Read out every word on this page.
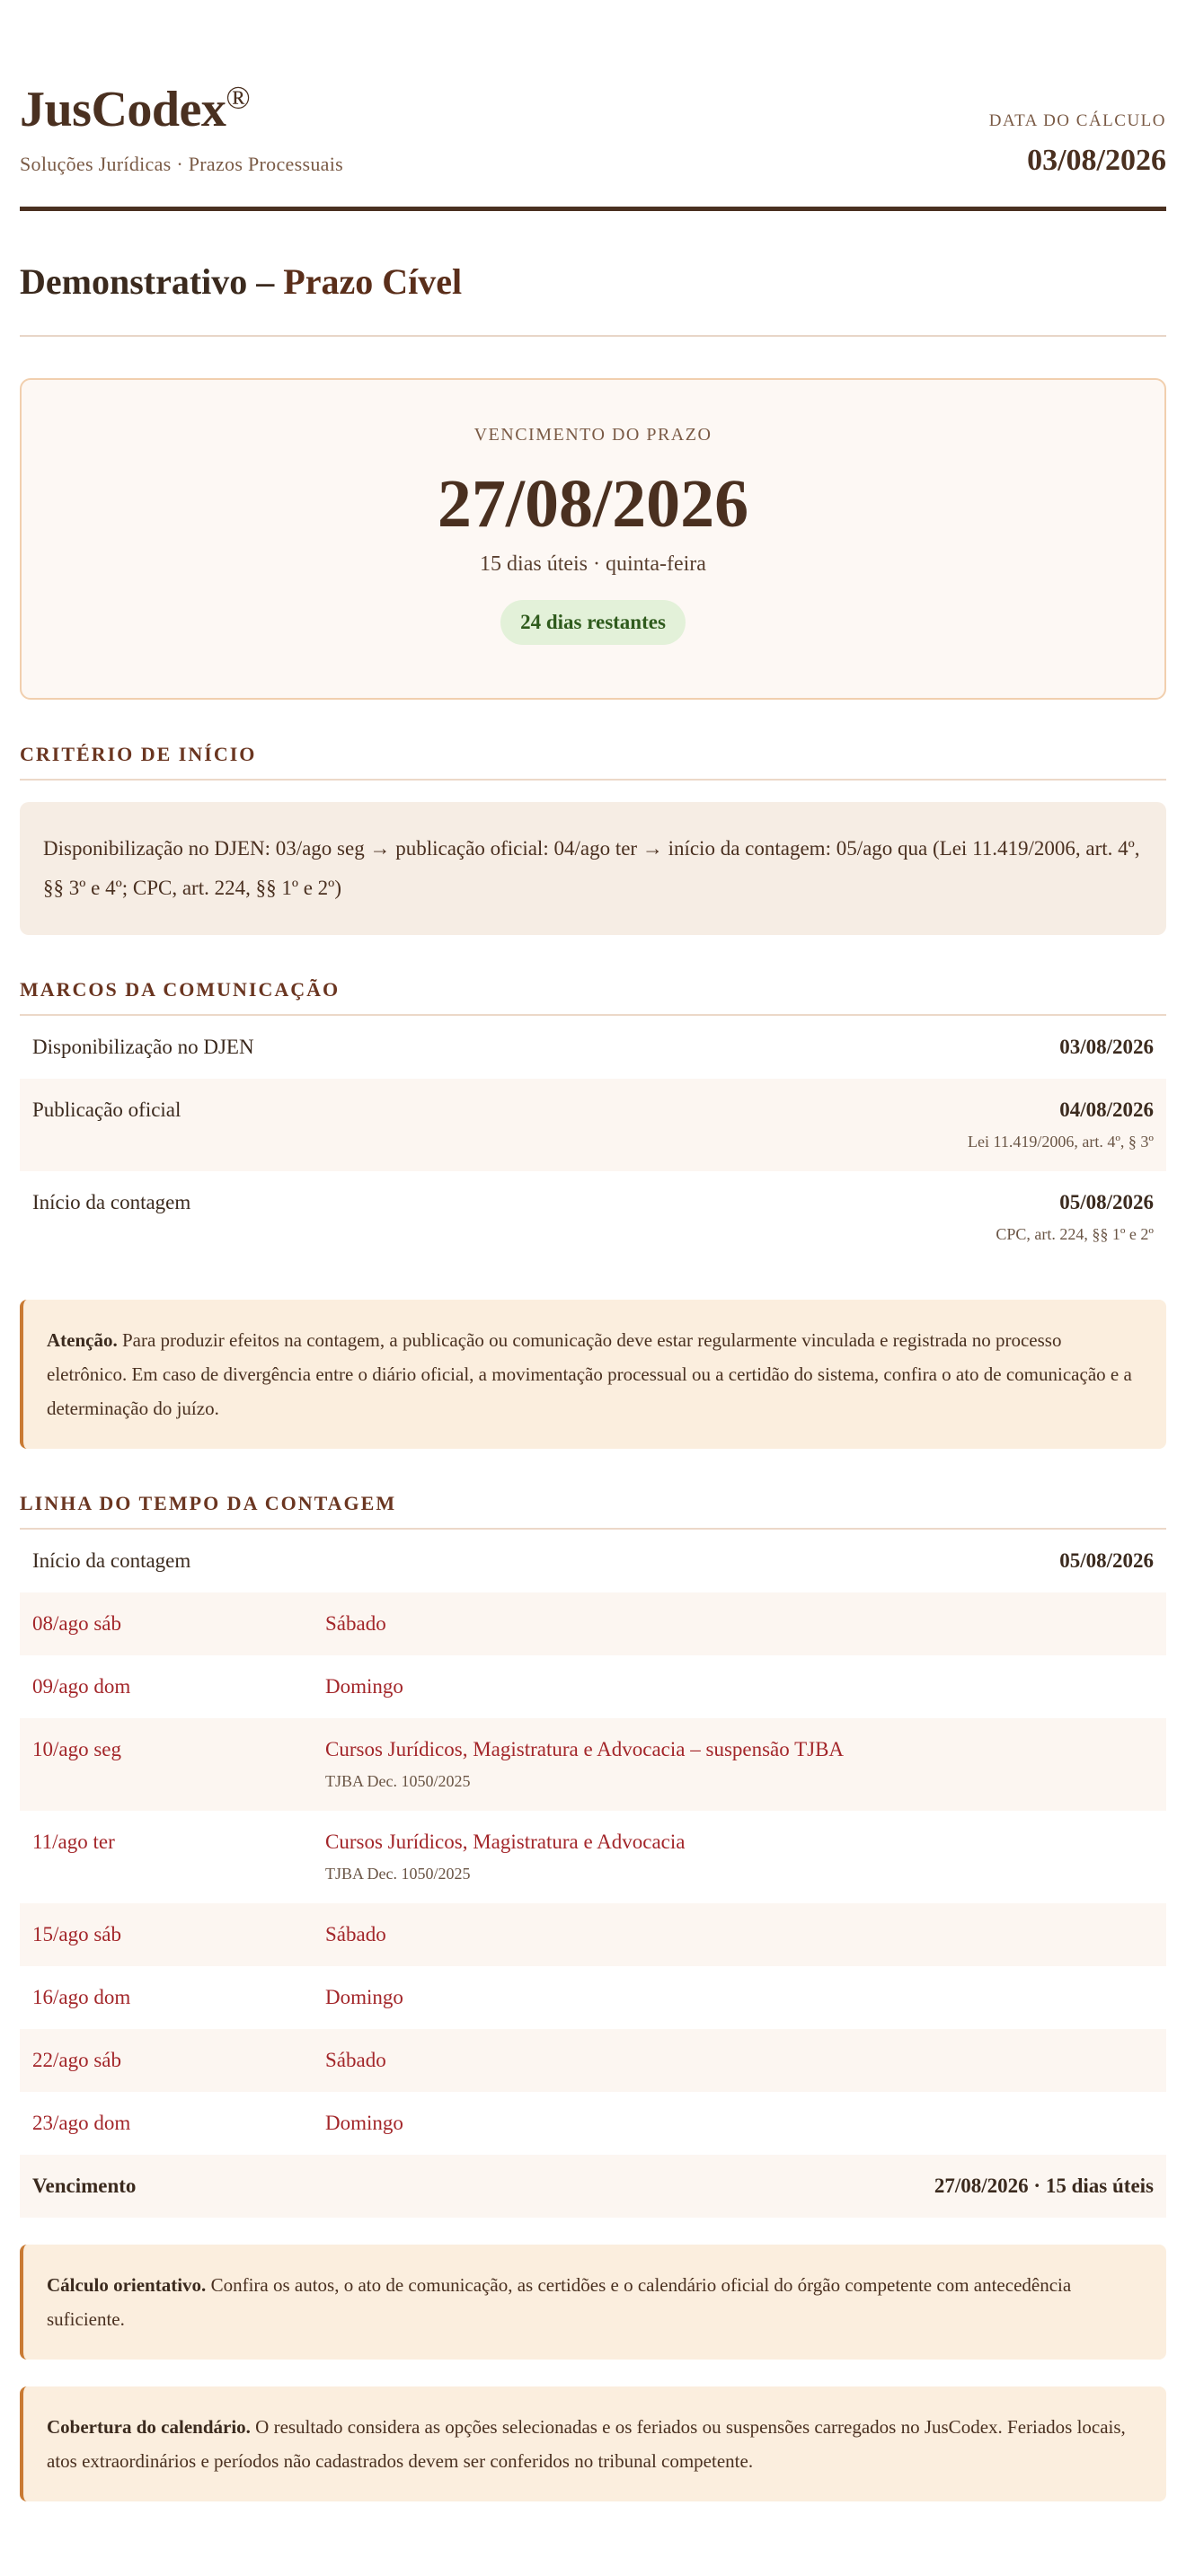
JusCodex®
Soluções Jurídicas · Prazos Processuais
DATA DO CÁLCULO
03/08/2026
Demonstrativo – Prazo Cível
VENCIMENTO DO PRAZO
27/08/2026
15 dias úteis · quinta-feira
24 dias restantes
CRITÉRIO DE INÍCIO
Disponibilização no DJEN: 03/ago seg → publicação oficial: 04/ago ter → início da contagem: 05/ago qua (Lei 11.419/2006, art. 4º, §§ 3º e 4º; CPC, art. 224, §§ 1º e 2º)
MARCOS DA COMUNICAÇÃO
Disponibilização no DJEN	03/08/2026
Publicação oficial	04/08/2026
Lei 11.419/2006, art. 4º, § 3º
Início da contagem	05/08/2026
CPC, art. 224, §§ 1º e 2º
Atenção. Para produzir efeitos na contagem, a publicação ou comunicação deve estar regularmente vinculada e registrada no processo eletrônico. Em caso de divergência entre o diário oficial, a movimentação processual ou a certidão do sistema, confira o ato de comunicação e a determinação do juízo.
LINHA DO TEMPO DA CONTAGEM
Início da contagem	05/08/2026
08/ago sáb	Sábado
09/ago dom	Domingo
10/ago seg	Cursos Jurídicos, Magistratura e Advocacia – suspensão TJBA
TJBA Dec. 1050/2025
11/ago ter	Cursos Jurídicos, Magistratura e Advocacia
TJBA Dec. 1050/2025
15/ago sáb	Sábado
16/ago dom	Domingo
22/ago sáb	Sábado
23/ago dom	Domingo
Vencimento	27/08/2026 · 15 dias úteis
Cálculo orientativo. Confira os autos, o ato de comunicação, as certidões e o calendário oficial do órgão competente com antecedência suficiente.
Cobertura do calendário. O resultado considera as opções selecionadas e os feriados ou suspensões carregados no JusCodex. Feriados locais, atos extraordinários e períodos não cadastrados devem ser conferidos no tribunal competente.
